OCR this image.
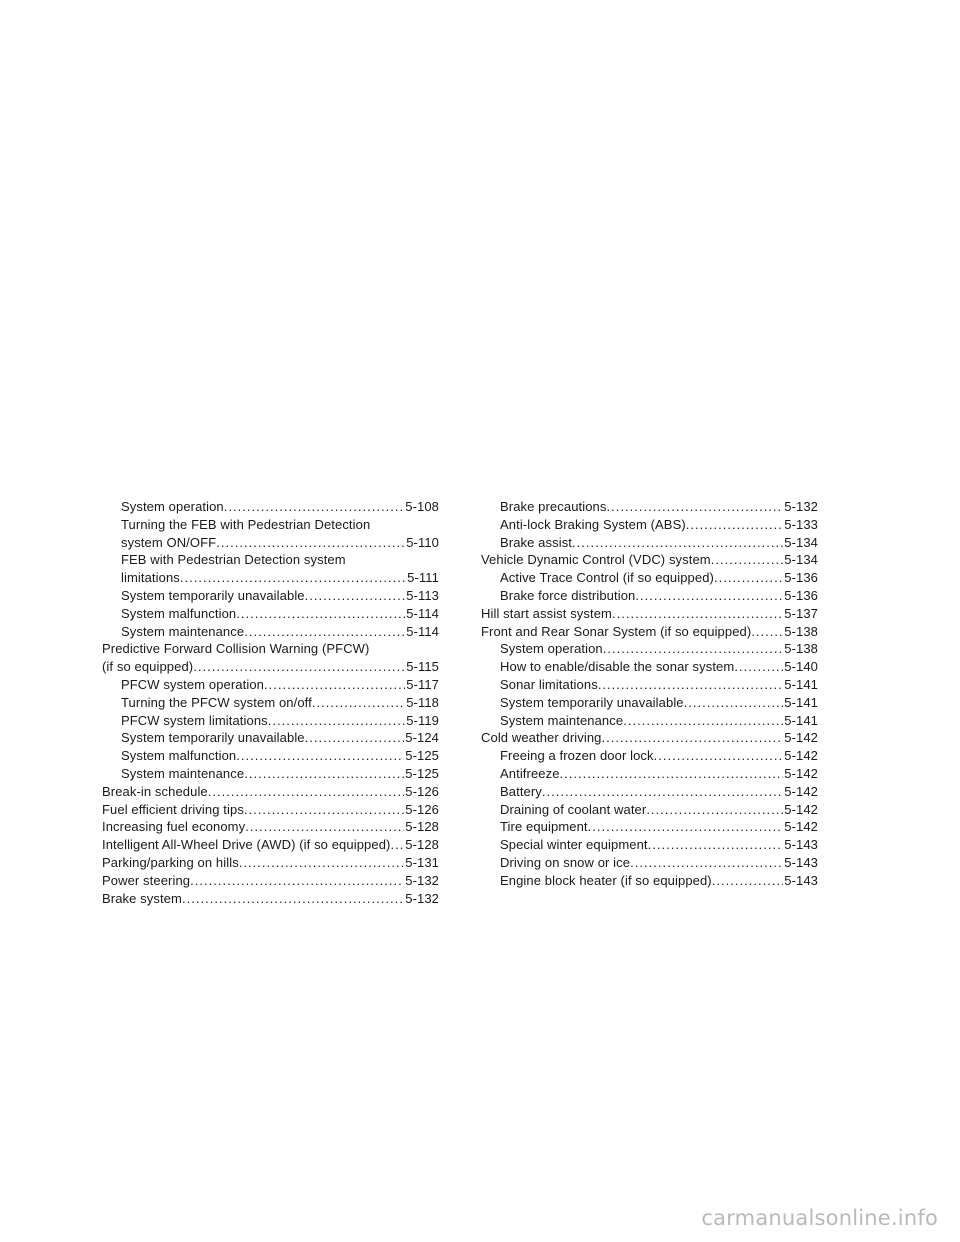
System operation . . .	5-108
Turning the FEB with Pedestrian Detection
system ON/OFF . . .	5-110
FEB with Pedestrian Detection system
limitations . . .	5-111
System temporarily unavailable . . .	5-113
System malfunction . . .	5-114
System maintenance . . .	5-114
Predictive Forward Collision Warning (PFCW)
(if so equipped) . . .	5-115
PFCW system operation . . .	5-117
Turning the PFCW system on/off . . .	5-118
PFCW system limitations . . .	5-119
System temporarily unavailable . . .	5-124
System malfunction . . .	5-125
System maintenance . . .	5-125
Break-in schedule . . .	5-126
Fuel efficient driving tips . . .	5-126
Increasing fuel economy . . .	5-128
Intelligent All-Wheel Drive (AWD) (if so equipped) . . . 5-128
Parking/parking on hills . . .	5-131
Power steering . . .	5-132
Brake system . . .	5-132
Brake precautions . . .	5-132
Anti-lock Braking System (ABS) . . .	5-133
Brake assist . . .	5-134
Vehicle Dynamic Control (VDC) system . . .	5-134
Active Trace Control (if so equipped) . . .	5-136
Brake force distribution . . .	5-136
Hill start assist system . . .	5-137
Front and Rear Sonar System (if so equipped) . . .	5-138
System operation . . .	5-138
How to enable/disable the sonar system . . .	5-140
Sonar limitations . . .	5-141
System temporarily unavailable . . .	5-141
System maintenance . . .	5-141
Cold weather driving . . .	5-142
Freeing a frozen door lock . . .	5-142
Antifreeze . . .	5-142
Battery . . .	5-142
Draining of coolant water . . .	5-142
Tire equipment . . .	5-142
Special winter equipment . . .	5-143
Driving on snow or ice . . .	5-143
Engine block heater (if so equipped) . . .	5-143
carmanualsonline.info
